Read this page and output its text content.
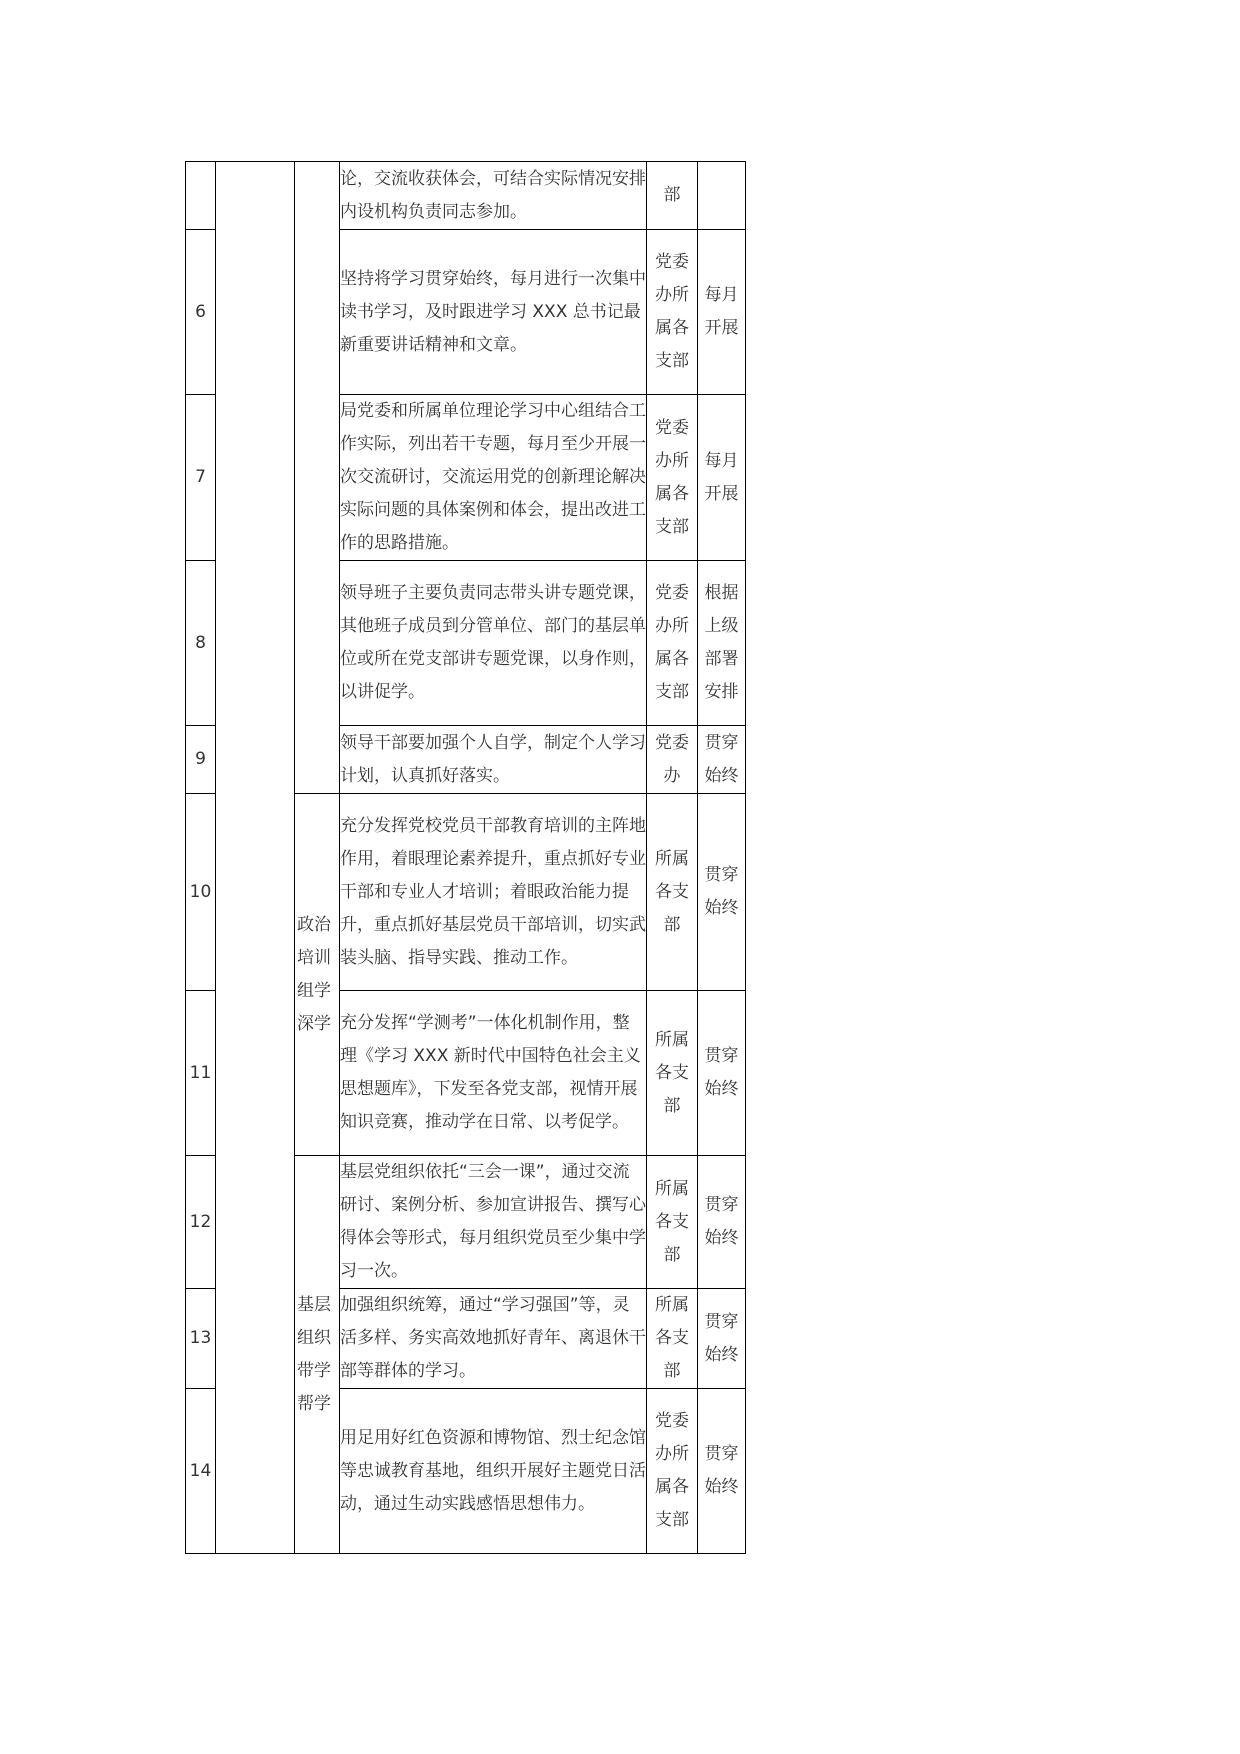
			论，交流收获体会，可结合实际情况安排内设机构负责同志参加。	部	

6			坚持将学习贯穿始终，每月进行一次集中读书学习，及时跟进学习 XXX 总书记最新重要讲话精神和文章。	党委办所属各支部	每月开展

7			局党委和所属单位理论学习中心组结合工作实际，列出若干专题，每月至少开展一次交流研讨，交流运用党的创新理论解决实际问题的具体案例和体会，提出改进工作的思路措施。	党委办所属各支部	每月开展

8			领导班子主要负责同志带头讲专题党课，其他班子成员到分管单位、部门的基层单位或所在党支部讲专题党课，以身作则，以讲促学。	党委办所属各支部	根据上级部署安排

9			领导干部要加强个人自学，制定个人学习计划，认真抓好落实。	党委办	贯穿始终

10		政治培训组学深学	充分发挥党校党员干部教育培训的主阵地作用，着眼理论素养提升，重点抓好专业干部和专业人才培训；着眼政治能力提升，重点抓好基层党员干部培训，切实武装头脑、指导实践、推动工作。	所属各支部	贯穿始终

11			充分发挥“学测考”一体化机制作用，整理《学习 XXX 新时代中国特色社会主义思想题库》，下发至各党支部，视情开展知识竞赛，推动学在日常、以考促学。	所属各支部	贯穿始终

12		基层组织带学帮学	基层党组织依托“三会一课”，通过交流研讨、案例分析、参加宣讲报告、撰写心得体会等形式，每月组织党员至少集中学习一次。	所属各支部	贯穿始终

13			加强组织统筹，通过“学习强国”等，灵活多样、务实高效地抓好青年、离退休干部等群体的学习。	所属各支部	贯穿始终

14			用足用好红色资源和博物馆、烈士纪念馆等忠诚教育基地，组织开展好主题党日活动，通过生动实践感悟思想伟力。	党委办所属各支部	贯穿始终
